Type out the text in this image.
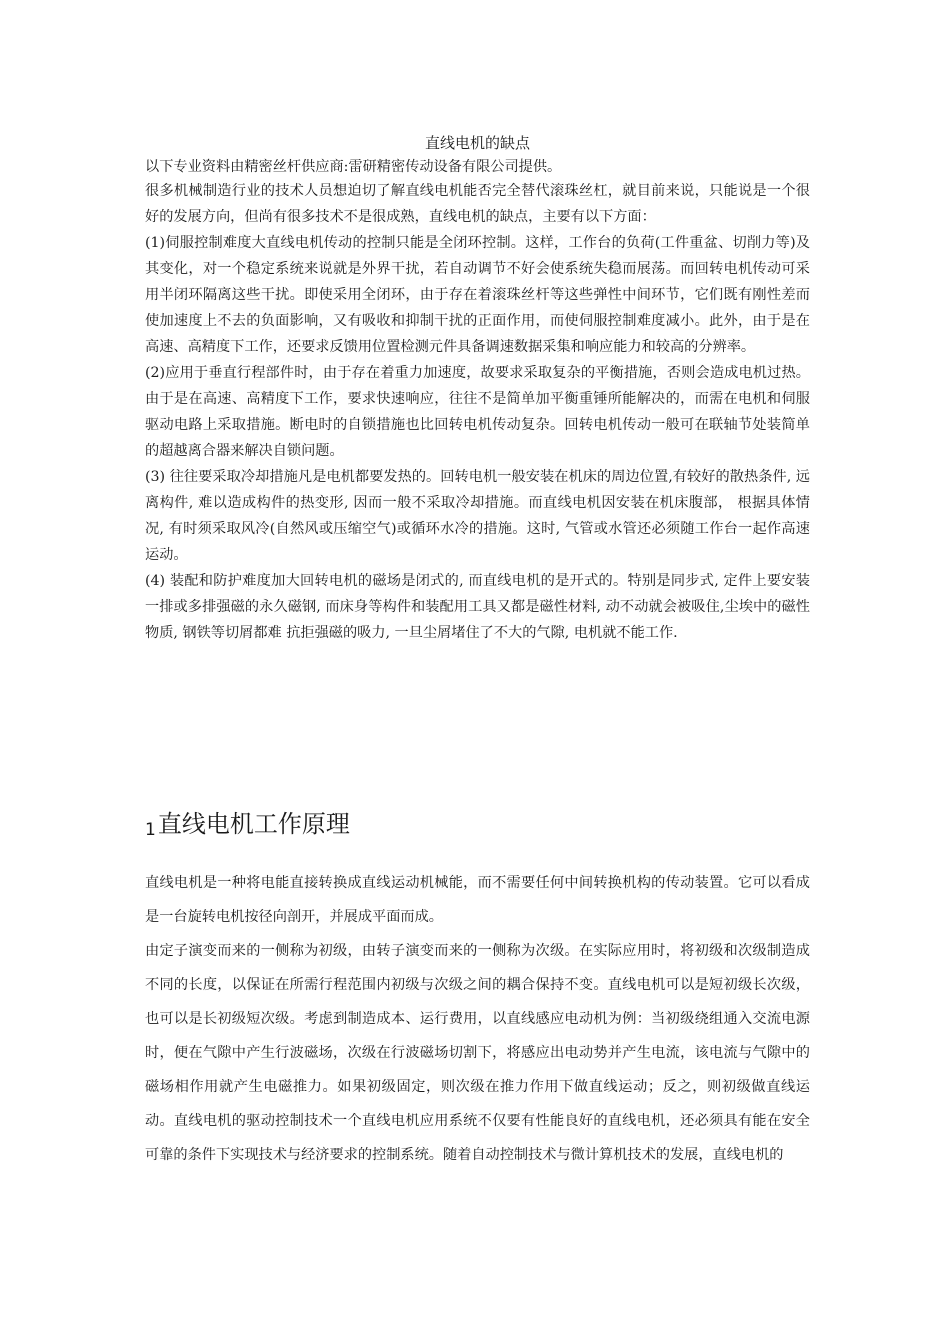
直线电机的缺点

以下专业资料由精密丝杆供应商:雷研精密传动设备有限公司提供。

很多机械制造行业的技术人员想迫切了解直线电机能否完全替代滚珠丝杠，就目前来说，只能说是一个很好的发展方向，但尚有很多技术不是很成熟，直线电机的缺点，主要有以下方面：

(1)伺服控制难度大直线电机传动的控制只能是全闭环控制。这样，工作台的负荷(工件重盆、切削力等)及其变化，对一个稳定系统来说就是外界干扰，若自动调节不好会使系统失稳而展荡。而回转电机传动可采用半闭环隔离这些干扰。即使采用全闭环，由于存在着滚珠丝杆等这些弹性中间环节，它们既有刚性差而使加速度上不去的负面影响，又有吸收和抑制干扰的正面作用，而使伺服控制难度减小。此外，由于是在高速、高精度下工作，还要求反馈用位置检测元件具备调速数据采集和响应能力和较高的分辨率。

(2)应用于垂直行程部件时，由于存在着重力加速度，故要求采取复杂的平衡措施，否则会造成电机过热。由于是在高速、高精度下工作，要求快速响应，往往不是简单加平衡重锤所能解决的，而需在电机和伺服驱动电路上采取措施。断电时的自锁措施也比回转电机传动复杂。回转电机传动一般可在联轴节处装简单的超越离合器来解决自锁问题。

(3) 往往要采取冷却措施凡是电机都要发热的。回转电机一般安装在机床的周边位置,有较好的散热条件, 远离构件, 难以造成构件的热变形, 因而一般不采取冷却措施。而直线电机因安装在机床腹部， 根据具体情况, 有时须采取风冷(自然风或压缩空气)或循环水冷的措施。这时, 气管或水管还必须随工作台一起作高速运动。

(4) 装配和防护难度加大回转电机的磁场是闭式的, 而直线电机的是开式的。特别是同步式, 定件上要安装一排或多排强磁的永久磁钢, 而床身等构件和装配用工具又都是磁性材料, 动不动就会被吸住,尘埃中的磁性物质, 钢铁等切屑都难 抗拒强磁的吸力, 一旦尘屑堵住了不大的气隙, 电机就不能工作.

1直线电机工作原理

直线电机是一种将电能直接转换成直线运动机械能，而不需要任何中间转换机构的传动装置。它可以看成是一台旋转电机按径向剖开，并展成平面而成。

由定子演变而来的一侧称为初级，由转子演变而来的一侧称为次级。在实际应用时，将初级和次级制造成不同的长度，以保证在所需行程范围内初级与次级之间的耦合保持不变。直线电机可以是短初级长次级，也可以是长初级短次级。考虑到制造成本、运行费用，以直线感应电动机为例：当初级绕组通入交流电源时，便在气隙中产生行波磁场，次级在行波磁场切割下，将感应出电动势并产生电流，该电流与气隙中的磁场相作用就产生电磁推力。如果初级固定，则次级在推力作用下做直线运动；反之，则初级做直线运动。直线电机的驱动控制技术一个直线电机应用系统不仅要有性能良好的直线电机，还必须具有能在安全可靠的条件下实现技术与经济要求的控制系统。随着自动控制技术与微计算机技术的发展，直线电机的
